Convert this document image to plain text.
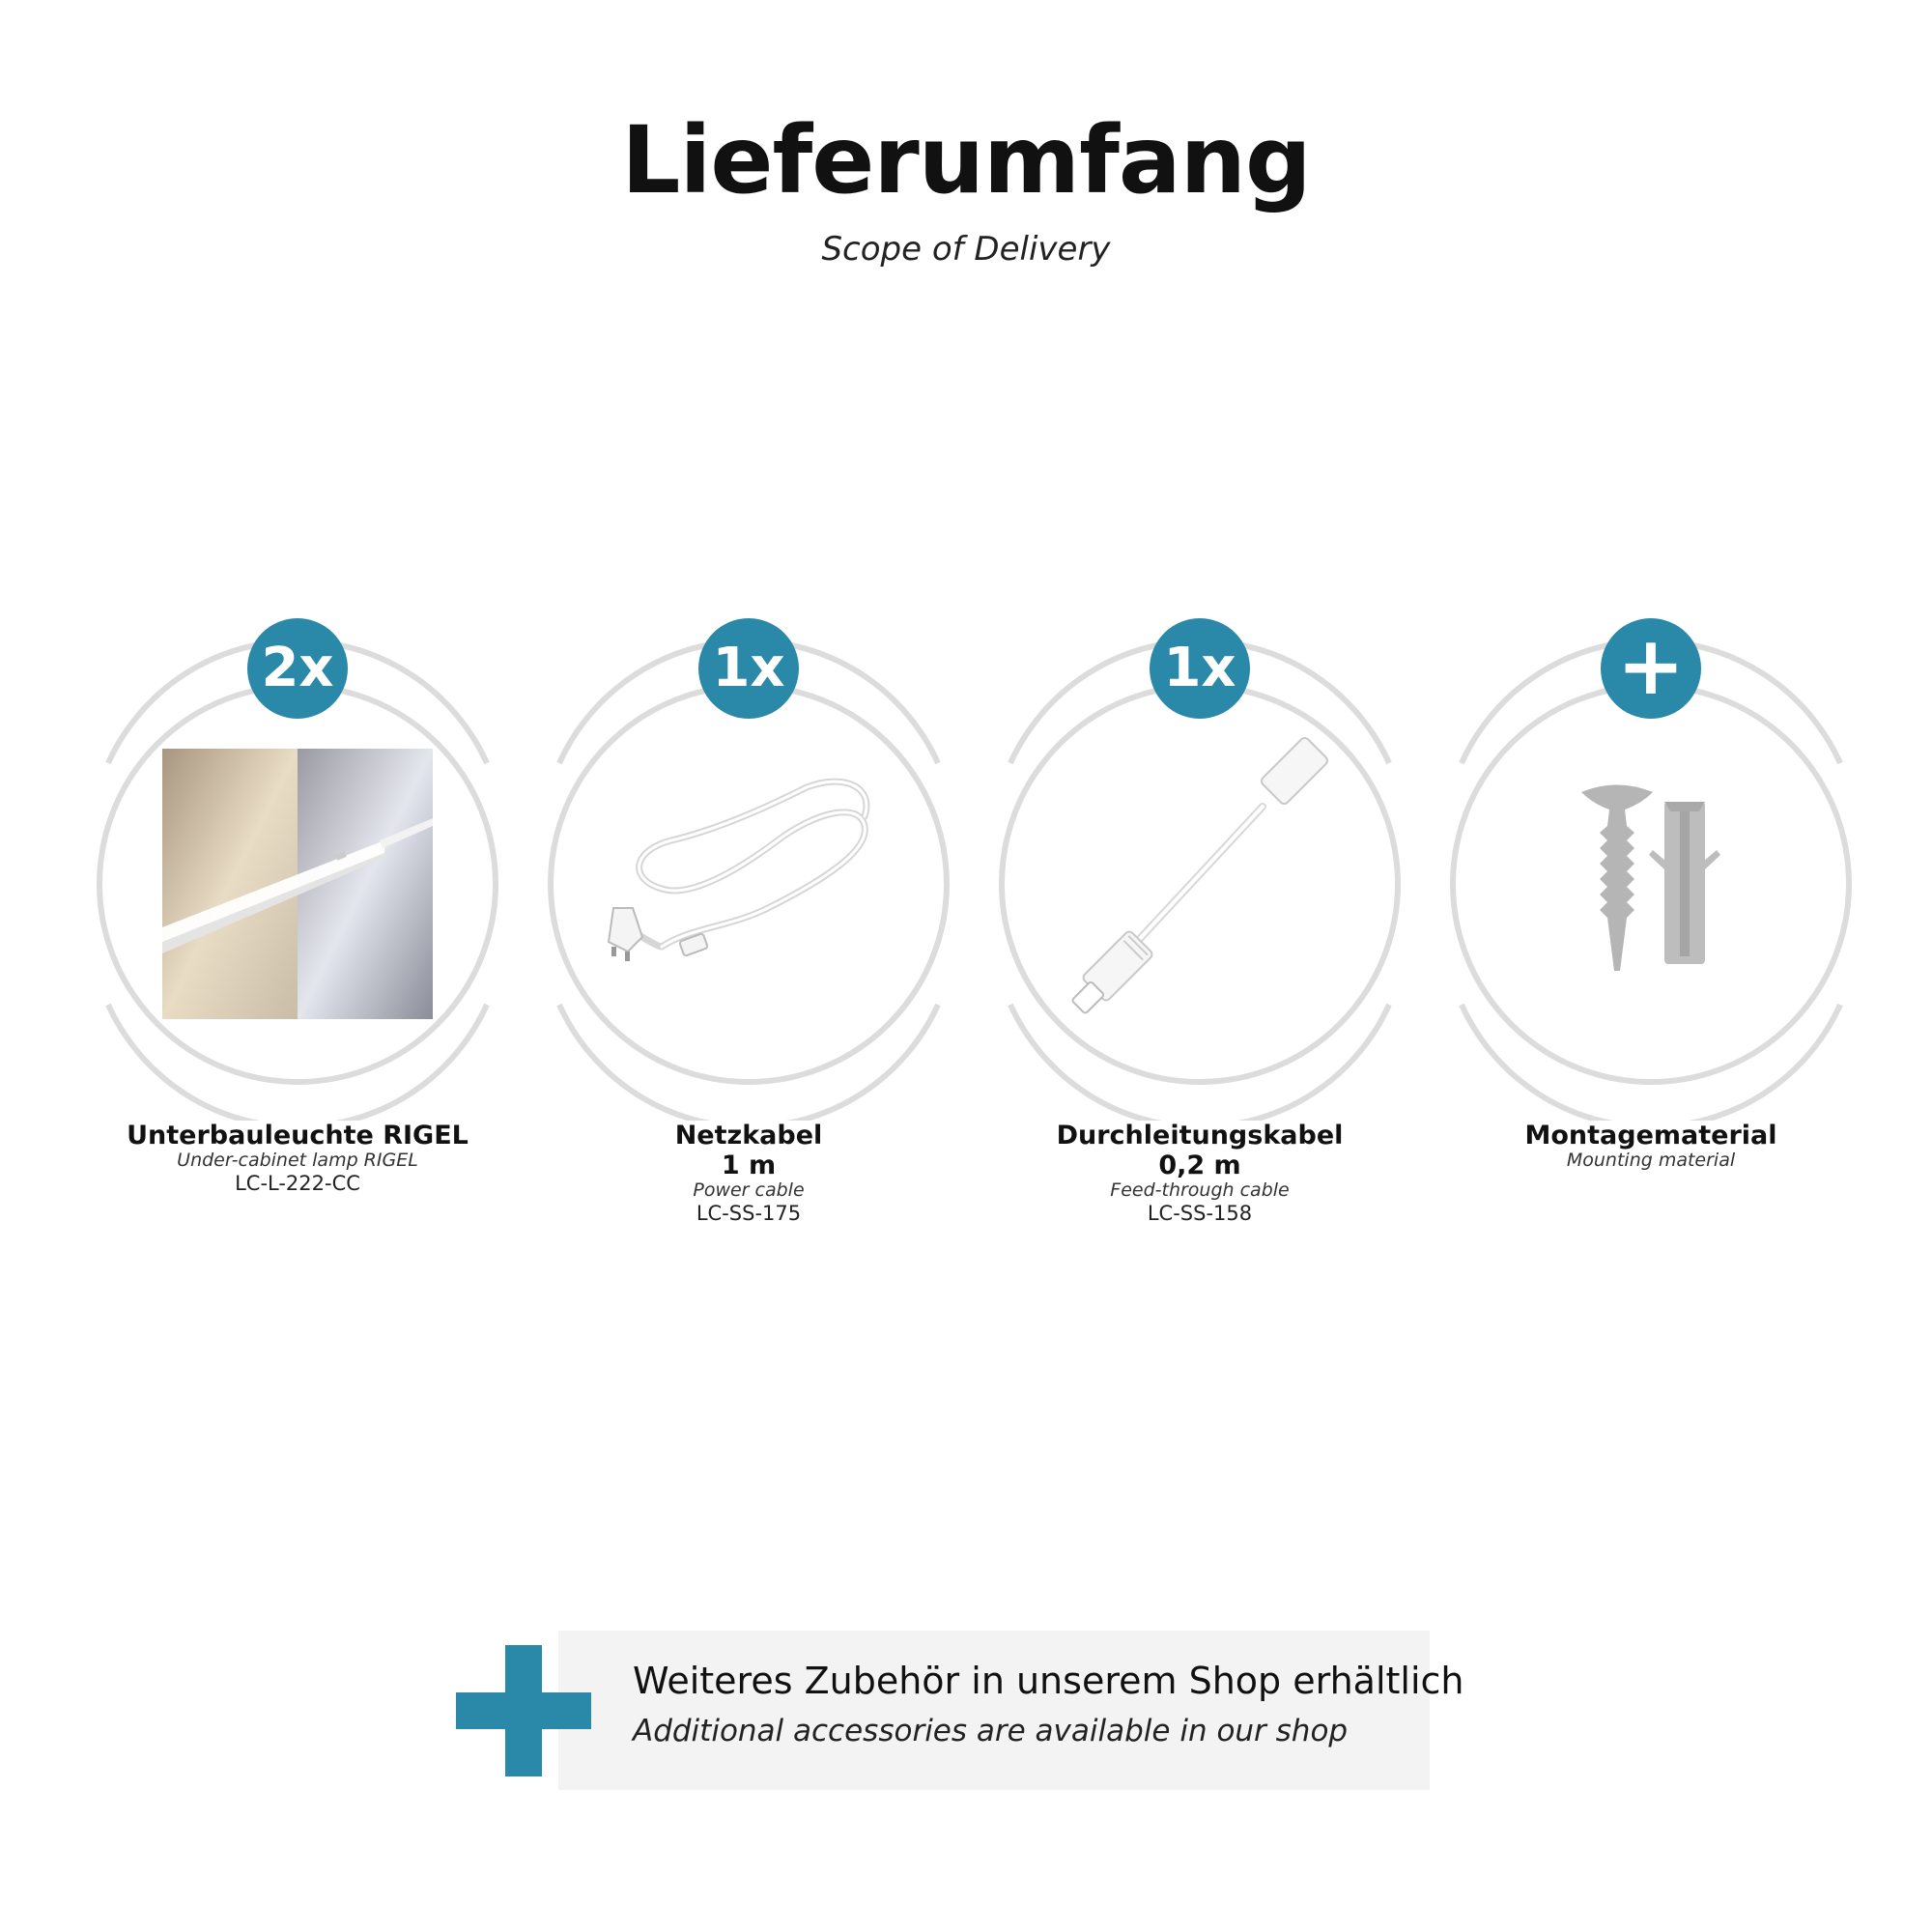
Lieferumfang
Scope of Delivery
2x
Unterbauleuchte RIGEL
Under-cabinet lamp RIGEL
LC-L-222-CC
1x
Netzkabel
1 m
Power cable
LC-SS-175
1x
Durchleitungskabel
0,2 m
Feed-through cable
LC-SS-158
+
Montagematerial
Mounting material
Weiteres Zubehör in unserem Shop erhältlich
Additional accessories are available in our shop
